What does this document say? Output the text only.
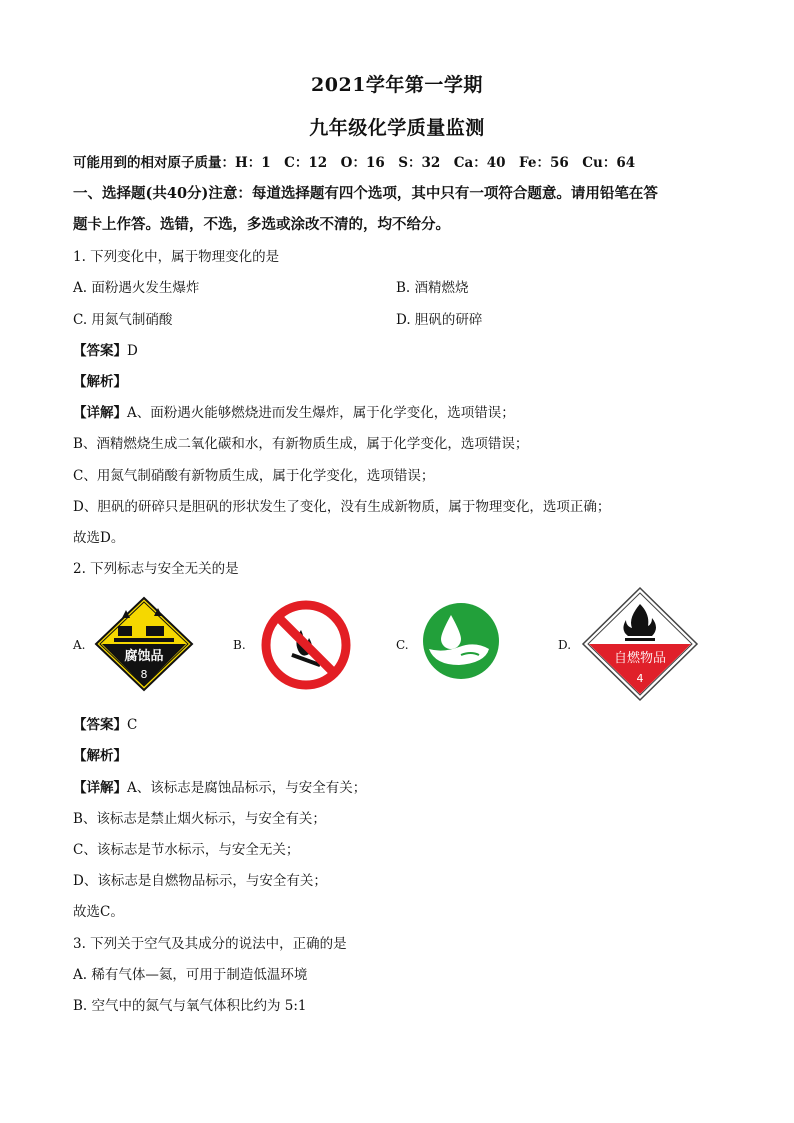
2021学年第一学期
九年级化学质量监测
可能用到的相对原子质量：H：1　C：12　O：16　S：32　Ca：40　Fe：56　Cu：64
一、选择题(共40分)注意：每道选择题有四个选项，其中只有一项符合题意。请用铅笔在答
题卡上作答。选错，不选，多选或涂改不清的，均不给分。
1. 下列变化中，属于物理变化的是
A. 面粉遇火发生爆炸	B. 酒精燃烧
C. 用氮气制硝酸	D. 胆矾的研碎
【答案】D
【解析】
【详解】A、面粉遇火能够燃烧进而发生爆炸，属于化学变化，选项错误；
B、酒精燃烧生成二氧化碳和水，有新物质生成，属于化学变化，选项错误；
C、用氮气制硝酸有新物质生成，属于化学变化，选项错误；
D、胆矾的研碎只是胆矾的形状发生了变化，没有生成新物质，属于物理变化，选项正确；
故选D。
2. 下列标志与安全无关的是
A.	B.	C.	D.
腐蚀品
8
自燃物品
4
【答案】C
【解析】
【详解】A、该标志是腐蚀品标示，与安全有关；
B、该标志是禁止烟火标示，与安全有关；
C、该标志是节水标示，与安全无关；
D、该标志是自燃物品标示，与安全有关；
故选C。
3. 下列关于空气及其成分的说法中，正确的是
A. 稀有气体—氦，可用于制造低温环境
B. 空气中的氮气与氧气体积比约为 5:1
